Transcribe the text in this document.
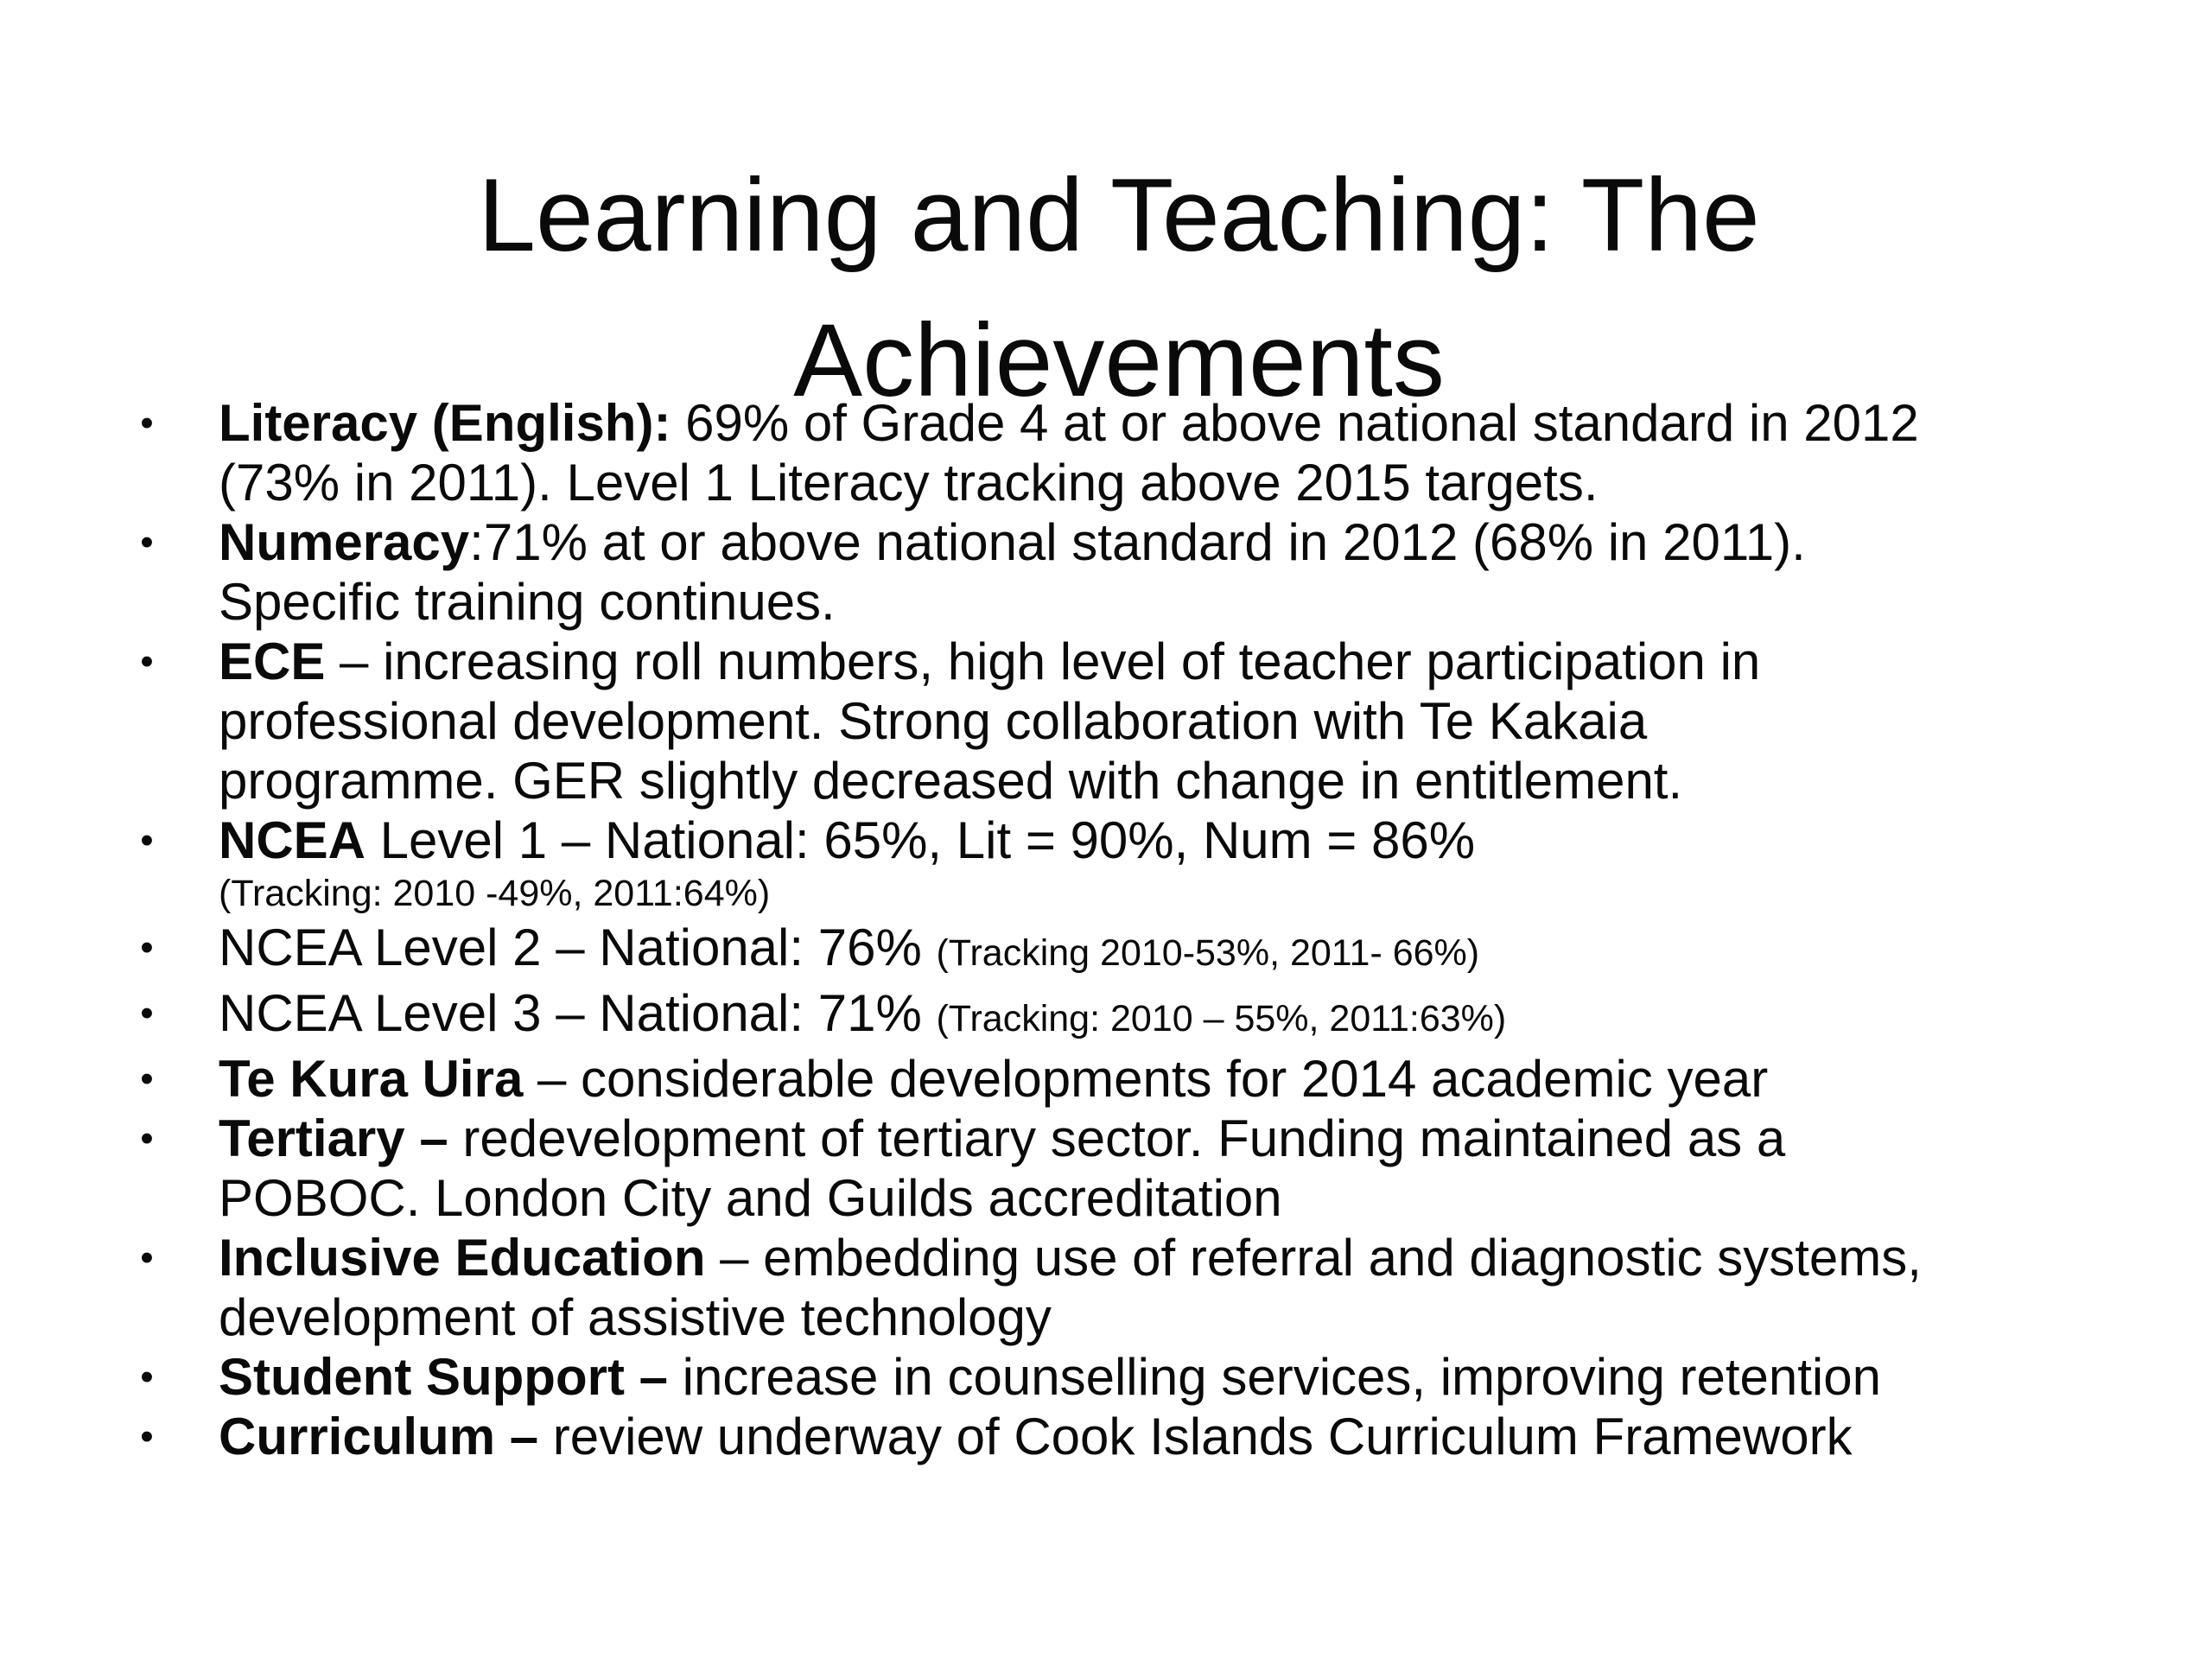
Learning and Teaching: The
Achievements
• Literacy (English): 69% of Grade 4 at or above national standard in 2012
(73% in 2011). Level 1 Literacy tracking above 2015 targets.
• Numeracy:71% at or above national standard in 2012 (68% in 2011).
Specific training continues.
• ECE – increasing roll numbers, high level of teacher participation in
professional development. Strong collaboration with Te Kakaia
programme. GER slightly decreased with change in entitlement.
• NCEA Level 1 – National: 65%, Lit = 90%, Num = 86%
(Tracking: 2010 -49%, 2011:64%)
• NCEA Level 2 – National: 76% (Tracking 2010-53%, 2011- 66%)
• NCEA Level 3 – National: 71% (Tracking: 2010 – 55%, 2011:63%)
• Te Kura Uira – considerable developments for 2014 academic year
• Tertiary – redevelopment of tertiary sector. Funding maintained as a
POBOC. London City and Guilds accreditation
• Inclusive Education – embedding use of referral and diagnostic systems,
development of assistive technology
• Student Support – increase in counselling services, improving retention
• Curriculum – review underway of Cook Islands Curriculum Framework
